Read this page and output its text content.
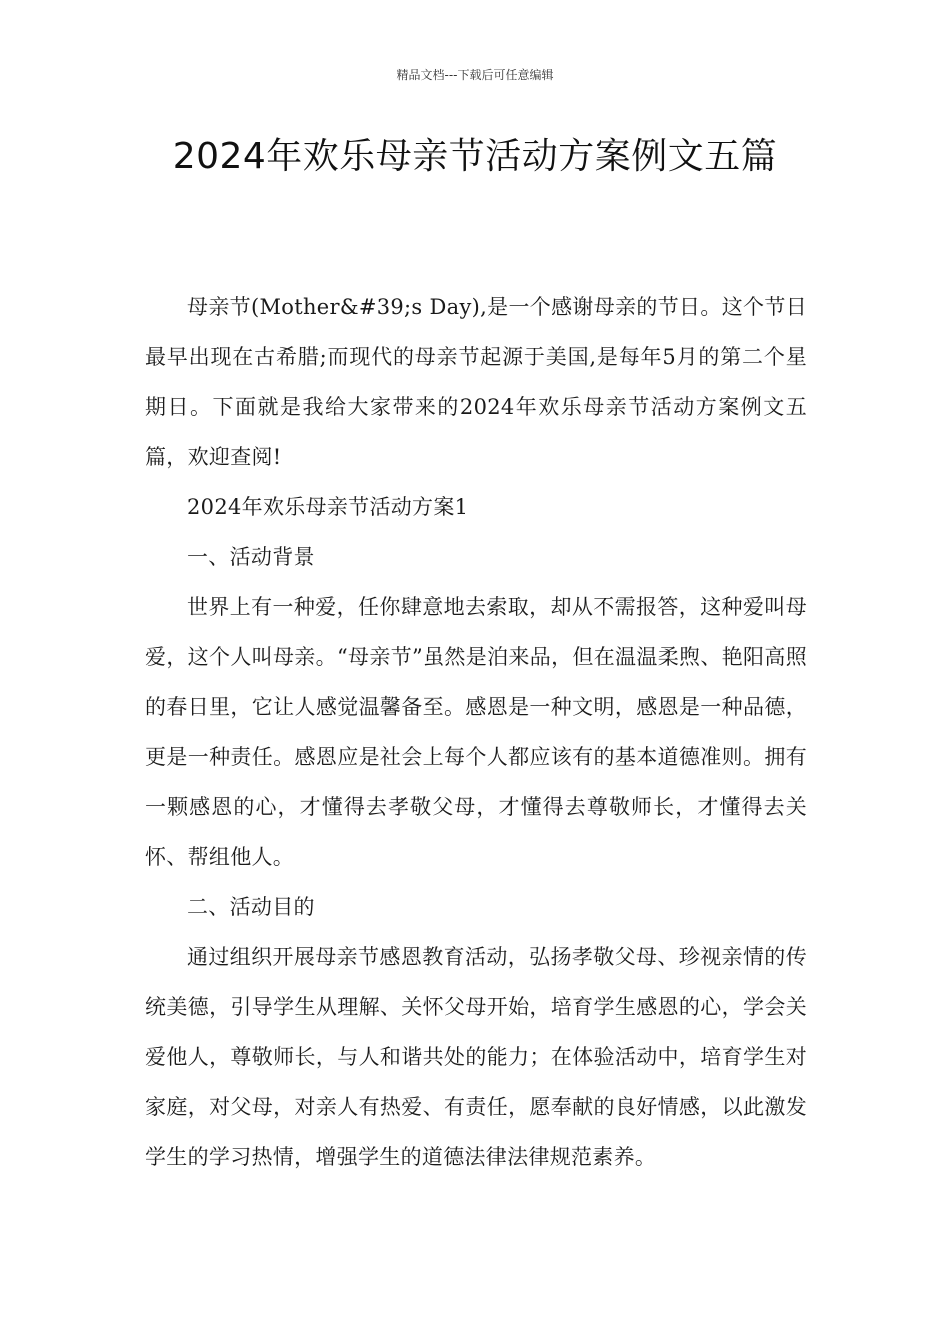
精品文档---下载后可任意编辑
2024年欢乐母亲节活动方案例文五篇

母亲节(Mother&#39;s Day),是一个感谢母亲的节日。这个节日最早出现在古希腊;而现代的母亲节起源于美国,是每年5月的第二个星期日。下面就是我给大家带来的2024年欢乐母亲节活动方案例文五篇，欢迎查阅!

2024年欢乐母亲节活动方案1

一、活动背景

世界上有一种爱，任你肆意地去索取，却从不需报答，这种爱叫母爱，这个人叫母亲。“母亲节”虽然是泊来品，但在温温柔煦、艳阳高照的春日里，它让人感觉温馨备至。感恩是一种文明，感恩是一种品德，更是一种责任。感恩应是社会上每个人都应该有的基本道德准则。拥有一颗感恩的心，才懂得去孝敬父母，才懂得去尊敬师长，才懂得去关怀、帮组他人。

二、活动目的

通过组织开展母亲节感恩教育活动，弘扬孝敬父母、珍视亲情的传统美德，引导学生从理解、关怀父母开始，培育学生感恩的心，学会关爱他人，尊敬师长，与人和谐共处的能力；在体验活动中，培育学生对家庭，对父母，对亲人有热爱、有责任，愿奉献的良好情感，以此激发学生的学习热情，增强学生的道德法律法律规范素养。
